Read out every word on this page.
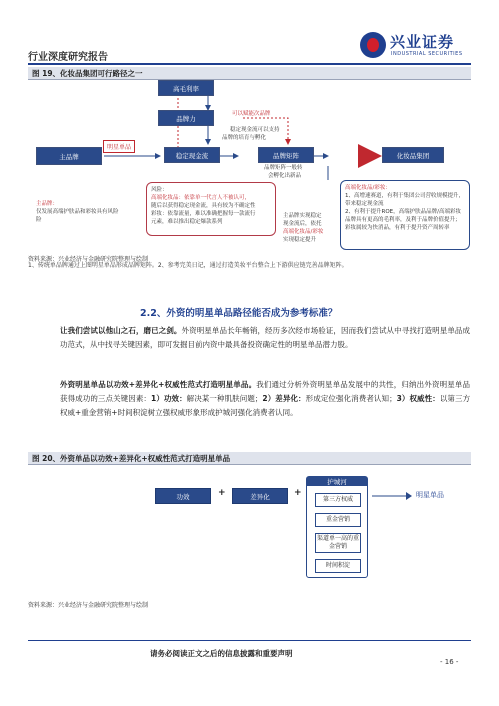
行业深度研究报告
兴业证券
INDUSTRIAL SECURITIES
图 19、化妆品集团可行路径之一
主品牌
明星单品
高毛利率
品牌力
稳定现金流	品牌矩阵	化妆品集团
可以赋能次品牌
稳定现金流可以支持
品牌的培育与孵化
品牌矩阵一般转
会孵化出新品
主品牌：
仅发展高端护肤品和彩妆具有风险
险
风险：
高端化妆品：依靠单一代言人不被认可，
随后以获得稳定现金流，具有较为不确定性
彩妆：依靠流量，难以准确把握每一款流行
元素，难以推出稳定爆款系列
主品牌实现稳定
现金流后，依托
高端化妆品/彩妆
实现稳定提升
高端化妆品/彩妆：
1、高增速赛道，有利于集团公司营收规模提升，带来稳定现金流
2、有利于提升ROE，高端护肤品品牌/高端彩妆品牌具有更高的毛利率，及利于品牌价值提升；彩妆属较为快消品，有利于提升资产周转率
资料来源：兴业经济与金融研究院整理与绘制
1、传统单品牌通过上图明星单品形成品牌矩阵。2、参考完美日记，通过打造美妆平台整合上下游供应链完善品牌矩阵。
2.2、外资的明星单品路径能否成为参考标准？
让我们尝试以他山之石，磨已之剑。外资明星单品长年畅销，经历多次经市场验证，因而我们尝试从中寻找打造明星单品成功范式，从中找寻关键因素，即可发掘目前内资中最具备投资确定性的明星单品潜力股。
外资明星单品以功效+差异化+权威性范式打造明星单品。我们通过分析外资明星单品发展中的共性，归纳出外资明星单品获得成功的三点关键因素：1）功效：解决某一种肌肤问题；2）差异化：形成定位强化消费者认知；3）权威性：以第三方权威+重金营销+时间积淀树立强权威形象形成护城河强化消费者认同。
图 20、外资单品以功效+差异化+权威性范式打造明星单品
功效	+	差异化	+
护城河
第三方权威
重金营销
渠道单一高的重金营销
时间积淀
明星单品
资料来源：兴业经济与金融研究院整理与绘制
请务必阅读正文之后的信息披露和重要声明
- 16 -
